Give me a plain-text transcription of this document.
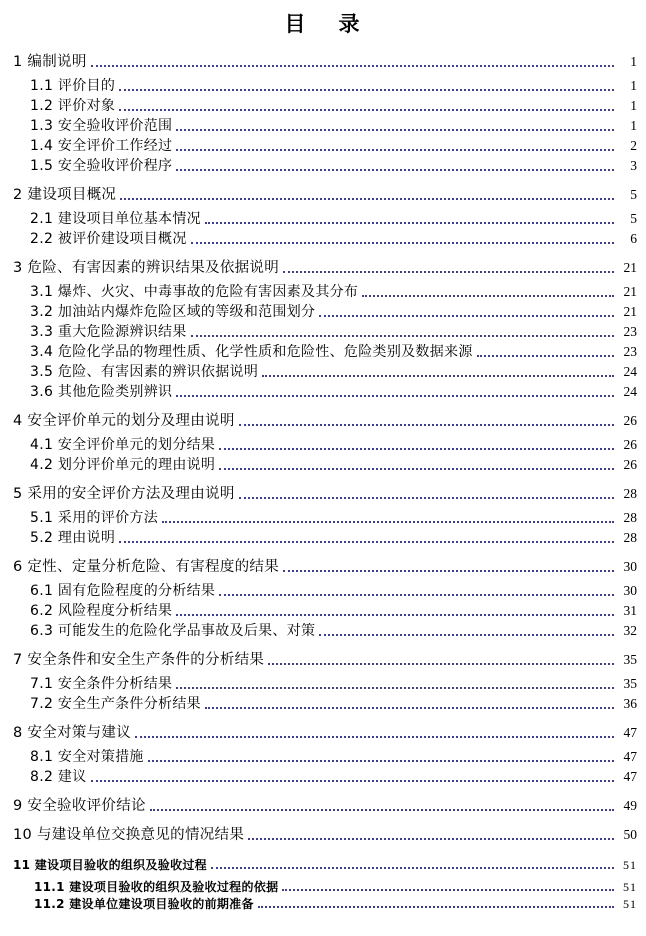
目　录
1 编制说明	1
1.1 评价目的	1
1.2 评价对象	1
1.3 安全验收评价范围	1
1.4 安全评价工作经过	2
1.5 安全验收评价程序	3
2 建设项目概况	5
2.1 建设项目单位基本情况	5
2.2 被评价建设项目概况	6
3 危险、有害因素的辨识结果及依据说明	21
3.1 爆炸、火灾、中毒事故的危险有害因素及其分布	21
3.2 加油站内爆炸危险区域的等级和范围划分	21
3.3 重大危险源辨识结果	23
3.4 危险化学品的物理性质、化学性质和危险性、危险类别及数据来源	23
3.5 危险、有害因素的辨识依据说明	24
3.6 其他危险类别辨识	24
4 安全评价单元的划分及理由说明	26
4.1 安全评价单元的划分结果	26
4.2 划分评价单元的理由说明	26
5 采用的安全评价方法及理由说明	28
5.1 采用的评价方法	28
5.2 理由说明	28
6 定性、定量分析危险、有害程度的结果	30
6.1 固有危险程度的分析结果	30
6.2 风险程度分析结果	31
6.3 可能发生的危险化学品事故及后果、对策	32
7 安全条件和安全生产条件的分析结果	35
7.1 安全条件分析结果	35
7.2 安全生产条件分析结果	36
8 安全对策与建议	47
8.1 安全对策措施	47
8.2 建议	47
9 安全验收评价结论	49
10 与建设单位交换意见的情况结果	50
11 建设项目验收的组织及验收过程	51
11.1 建设项目验收的组织及验收过程的依据	51
11.2 建设单位建设项目验收的前期准备	51
